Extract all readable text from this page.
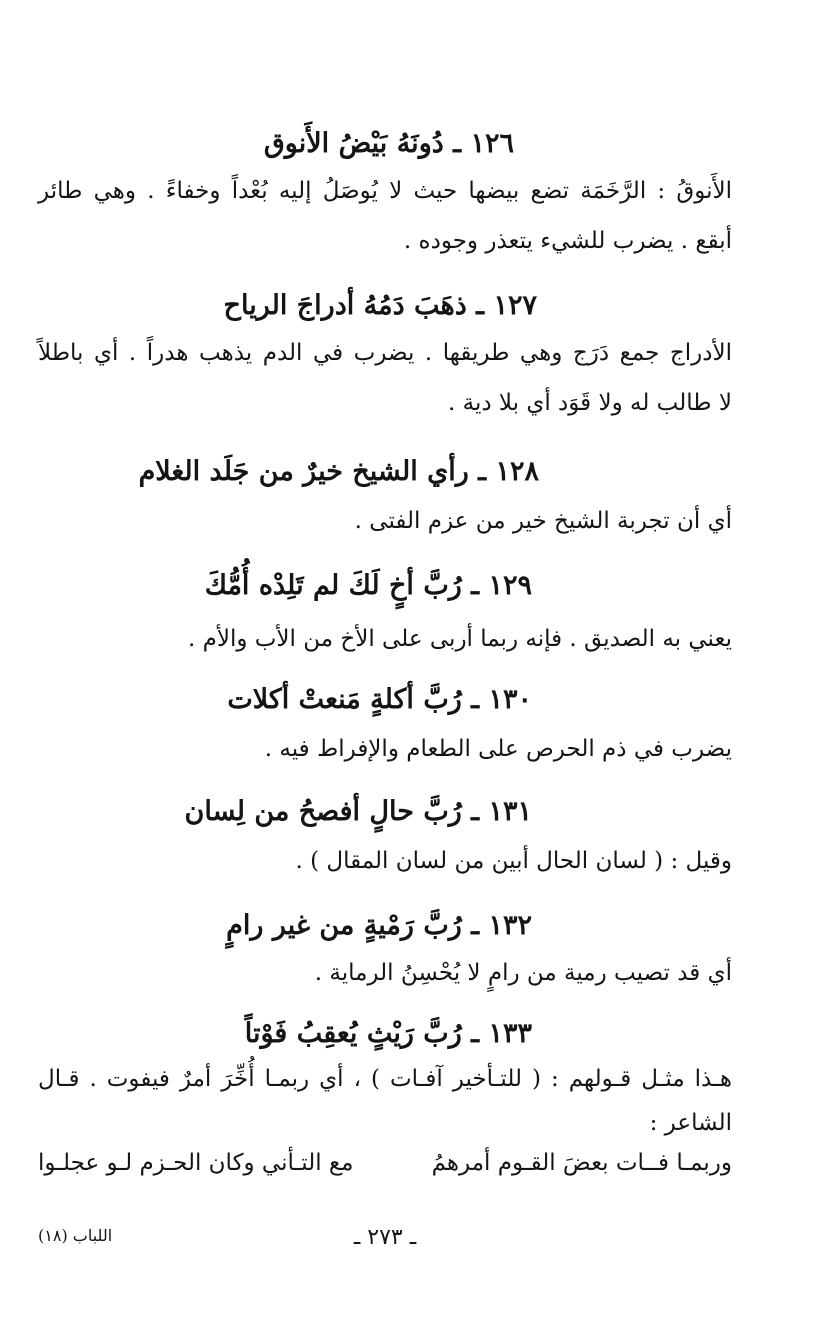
١٢٦ ـ دُونَهُ بَيْضُ الأَنوق
الأَنوقُ : الرَّخَمَة تضع بيضها حيث لا يُوصَلُ إليه بُعْداً وخفاءً . وهي طائر
أبقع . يضرب للشيء يتعذر وجوده .
١٢٧ ـ ذهَبَ دَمُهُ أدراجَ الرياح
الأدراج جمع دَرَج وهي طريقها . يضرب في الدم يذهب هدراً . أي باطلاً
لا طالب له ولا قَوَد أي بلا دية .
١٢٨ ـ رأي الشيخ خيرٌ من جَلَد الغلام
أي أن تجربة الشيخ خير من عزم الفتى .
١٢٩ ـ رُبَّ أخٍ لَكَ لم تَلِدْه أُمُّكَ
يعني به الصديق . فإنه ربما أربى على الأخ من الأب والأم .
١٣٠ ـ رُبَّ أكلةٍ مَنعتْ أكلات
يضرب في ذم الحرص على الطعام والإفراط فيه .
١٣١ ـ رُبَّ حالٍ أفصحُ من لِسان
وقيل : ( لسان الحال أبين من لسان المقال ) .
١٣٢ ـ رُبَّ رَمْيةٍ من غير رامٍ
أي قد تصيب رمية من رامٍ لا يُحْسِنُ الرماية .
١٣٣ ـ رُبَّ رَيْثٍ يُعقِبُ فَوْتاً
هـذا مثـل قـولهم : ( للتـأخير آفـات ) ، أي ربمـا أُخِّرَ أمرٌ فيفوت . قـال
الشاعر :
وربمـا فــات بعضَ القـوم أمرهمُ
مع التـأني وكان الحـزم لـو عجلـوا
ـ ٢٧٣ ـ
اللباب (١٨)
